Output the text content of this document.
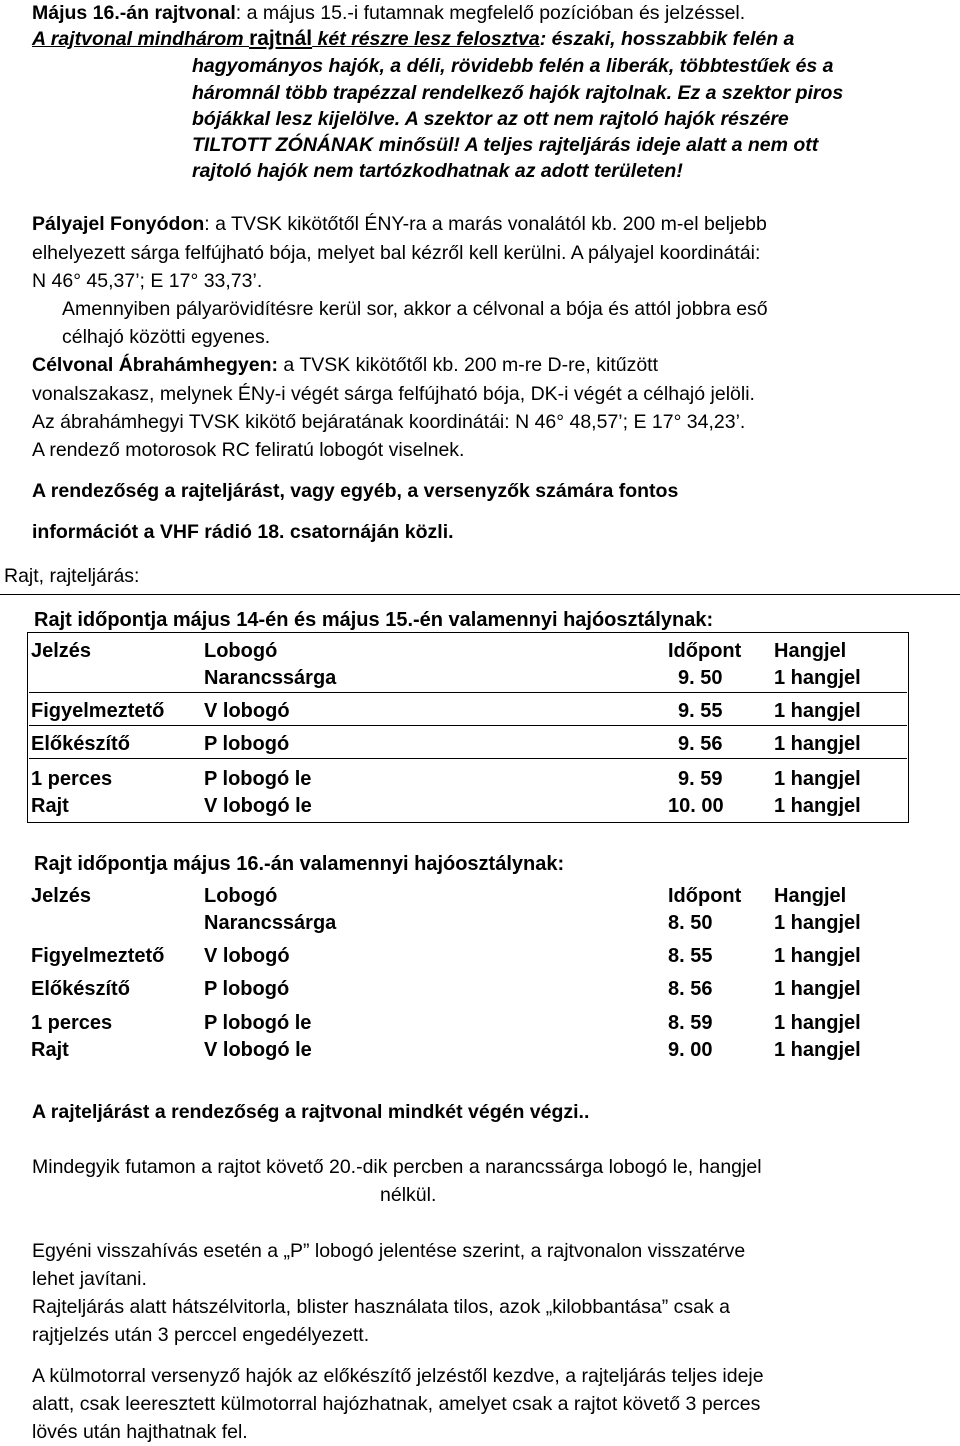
Május 16.-án rajtvonal: a május 15.-i futamnak megfelelő pozícióban és jelzéssel.
A rajtvonal mindhárom rajtnál két részre lesz felosztva: északi, hosszabbik felén a
hagyományos hajók, a déli, rövidebb felén a liberák, többtestűek és a
háromnál több trapézzal rendelkező hajók rajtolnak. Ez a szektor piros
bójákkal lesz kijelölve. A szektor az ott nem rajtoló hajók részére
TILTOTT ZÓNÁNAK minősül! A teljes rajteljárás ideje alatt a nem ott
rajtoló hajók nem tartózkodhatnak az adott területen!
Pályajel Fonyódon: a TVSK kikötőtől ÉNY-ra a marás vonalától kb. 200 m-el beljebb
elhelyezett sárga felfújható bója, melyet bal kézről kell kerülni. A pályajel koordinátái:
N 46° 45,37’; E 17° 33,73’.
Amennyiben pályarövidítésre kerül sor, akkor a célvonal a bója és attól jobbra eső
célhajó közötti egyenes.
Célvonal Ábrahámhegyen: a TVSK kikötőtől kb. 200 m-re D-re, kitűzött
vonalszakasz, melynek ÉNy-i végét sárga felfújható bója, DK-i végét a célhajó jelöli.
Az ábrahámhegyi TVSK kikötő bejáratának koordinátái: N 46° 48,57’; E 17° 34,23’.
A rendező motorosok RC feliratú lobogót viselnek.
A rendezőség a rajteljárást, vagy egyéb, a versenyzők számára fontos
információt a VHF rádió 18. csatornáján közli.
Rajt, rajteljárás:
Rajt időpontja május 14-én és május 15.-én valamennyi hajóosztálynak:
Jelzés	Lobogó	Időpont	Hangjel
	Narancssárga	9. 50	1 hangjel
Figyelmeztető	V lobogó	9. 55	1 hangjel
Előkészítő	P lobogó	9. 56	1 hangjel
1 perces	P lobogó le	9. 59	1 hangjel
Rajt	V lobogó le	10. 00	1 hangjel
Rajt időpontja május 16.-án valamennyi hajóosztálynak:
Jelzés	Lobogó	Időpont	Hangjel
	Narancssárga	8. 50	1 hangjel
Figyelmeztető	V lobogó	8. 55	1 hangjel
Előkészítő	P lobogó	8. 56	1 hangjel
1 perces	P lobogó le	8. 59	1 hangjel
Rajt	V lobogó le	9. 00	1 hangjel
A rajteljárást a rendezőség a rajtvonal mindkét végén végzi..
Mindegyik futamon a rajtot követő 20.-dik percben a narancssárga lobogó le, hangjel
nélkül.
Egyéni visszahívás esetén a „P” lobogó jelentése szerint, a rajtvonalon visszatérve
lehet javítani.
Rajteljárás alatt hátszélvitorla, blister használata tilos, azok „kilobbantása” csak a
rajtjelzés után 3 perccel engedélyezett.
A külmotorral versenyző hajók az előkészítő jelzéstől kezdve, a rajteljárás teljes ideje
alatt, csak leeresztett külmotorral hajózhatnak, amelyet csak a rajtot követő 3 perces
lövés után hajthatnak fel.
